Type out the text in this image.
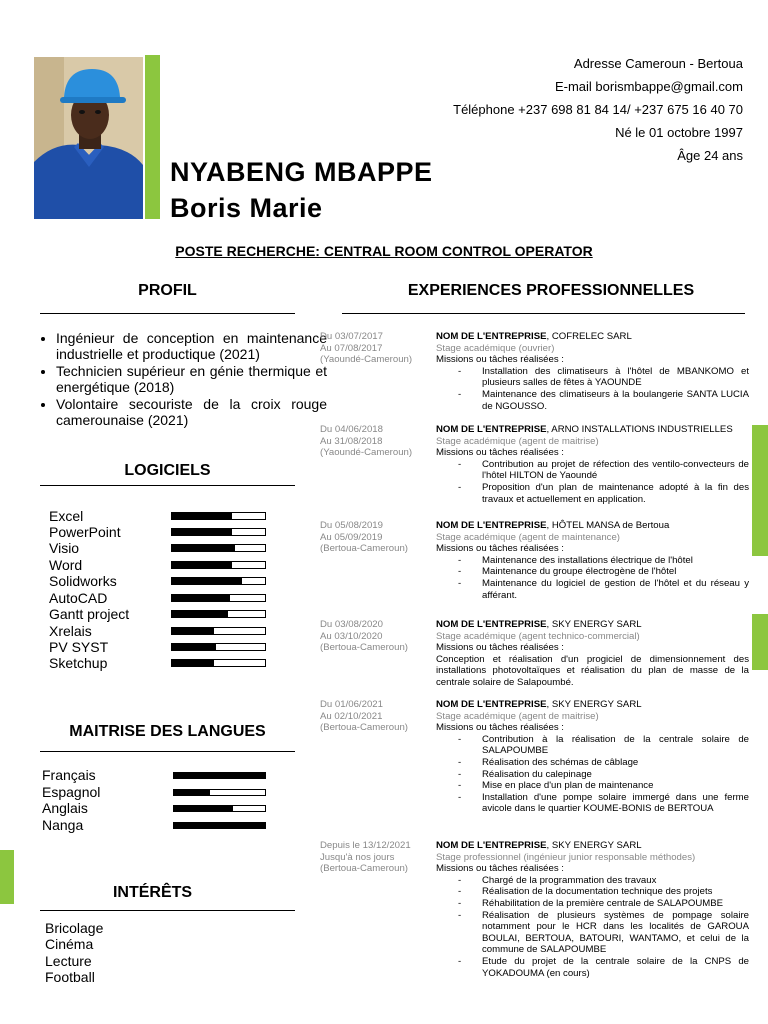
Adresse Cameroun - Bertoua
E-mail borismbappe@gmail.com
Téléphone +237 698 81 84 14/ +237 675 16 40 70
Né le 01 octobre 1997
Âge 24 ans
NYABENG MBAPPE
Boris Marie
POSTE RECHERCHE: CENTRAL ROOM CONTROL OPERATOR
PROFIL
• Ingénieur de conception en maintenance industrielle et productique (2021)
• Technicien supérieur en génie thermique et energétique (2018)
• Volontaire secouriste de la croix rouge camerounaise (2021)
LOGICIELS
Excel
PowerPoint
Visio
Word
Solidworks
AutoCAD
Gantt project
Xrelais
PV SYST
Sketchup
MAITRISE DES LANGUES
Français
Espagnol
Anglais
Nanga
INTÉRÊTS
Bricolage
Cinéma
Lecture
Football
EXPERIENCES PROFESSIONNELLES
Du 03/07/2017
Au 07/08/2017
(Yaoundé-Cameroun)
NOM DE L'ENTREPRISE, COFRELEC SARL
Stage académique (ouvrier)
Missions ou tâches réalisées :
- Installation des climatiseurs à l'hôtel de MBANKOMO et plusieurs salles de fêtes à YAOUNDE
- Maintenance des climatiseurs à la boulangerie SANTA LUCIA de NGOUSSO.
Du 04/06/2018
Au 31/08/2018
(Yaoundé-Cameroun)
NOM DE L'ENTREPRISE, ARNO INSTALLATIONS INDUSTRIELLES
Stage académique (agent de maitrise)
Missions ou tâches réalisées :
- Contribution au projet de réfection des ventilo-convecteurs de l'hôtel HILTON de Yaoundé
- Proposition d'un plan de maintenance adopté à la fin des travaux et actuellement en application.
Du 05/08/2019
Au 05/09/2019
(Bertoua-Cameroun)
NOM DE L'ENTREPRISE, HÔTEL MANSA de Bertoua
Stage académique (agent de maintenance)
Missions ou tâches réalisées :
- Maintenance des installations électrique de l'hôtel
- Maintenance du groupe électrogène de l'hôtel
- Maintenance du logiciel de gestion de l'hôtel et du réseau y afférant.
Du 03/08/2020
Au 03/10/2020
(Bertoua-Cameroun)
NOM DE L'ENTREPRISE, SKY ENERGY SARL
Stage académique (agent technico-commercial)
Missions ou tâches réalisées :
Conception et réalisation d'un progiciel de dimensionnement des installations photovoltaïques et réalisation du plan de masse de la centrale solaire de Salapoumbé.
Du 01/06/2021
Au 02/10/2021
(Bertoua-Cameroun)
NOM DE L'ENTREPRISE, SKY ENERGY SARL
Stage académique (agent de maitrise)
Missions ou tâches réalisées :
- Contribution à la réalisation de la centrale solaire de SALAPOUMBE
- Réalisation des schémas de câblage
- Réalisation du calepinage
- Mise en place d'un plan de maintenance
- Installation d'une pompe solaire immergé dans une ferme avicole dans le quartier KOUME-BONIS de BERTOUA
Depuis le 13/12/2021
Jusqu'à nos jours
(Bertoua-Cameroun)
NOM DE L'ENTREPRISE, SKY ENERGY SARL
Stage professionnel (ingénieur junior responsable méthodes)
Missions ou tâches réalisées :
- Chargé de la programmation des travaux
- Réalisation de la documentation technique des projets
- Réhabilitation de la première centrale de SALAPOUMBE
- Réalisation de plusieurs systèmes de pompage solaire notamment pour le HCR dans les localités de GAROUA BOULAI, BERTOUA, BATOURI, WANTAMO, et celui de la commune de SALAPOUMBE
- Etude du projet de la centrale solaire de la CNPS de YOKADOUMA (en cours)
